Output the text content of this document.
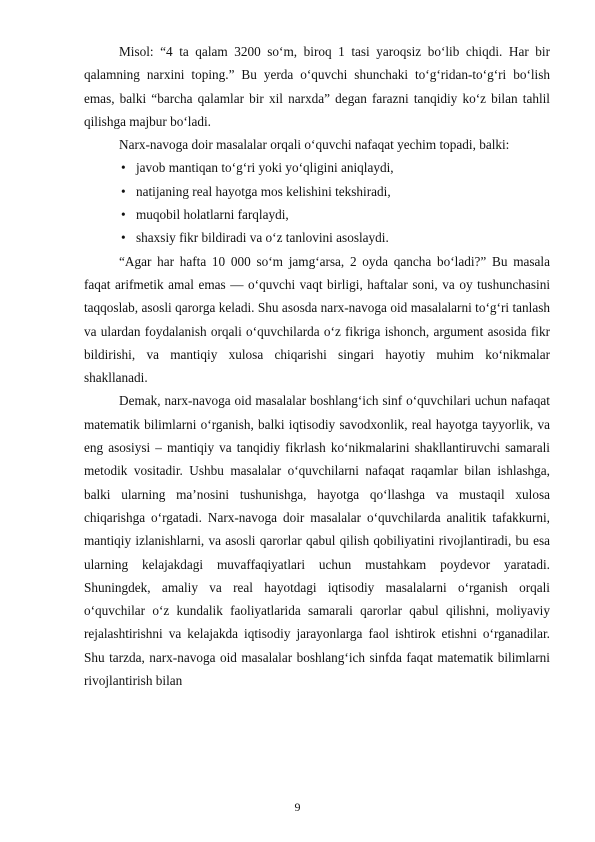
Misol: “4 ta qalam 3200 so‘m, biroq 1 tasi yaroqsiz bo‘lib chiqdi. Har bir qalamning narxini toping.” Bu yerda o‘quvchi shunchaki to‘g‘ridan-to‘g‘ri bo‘lish emas, balki “barcha qalamlar bir xil narxda” degan farazni tanqidiy ko‘z bilan tahlil qilishga majbur bo‘ladi.

Narx-navoga doir masalalar orqali o‘quvchi nafaqat yechim topadi, balki:

• javob mantiqan to‘g‘ri yoki yo‘qligini aniqlaydi,
• natijaning real hayotga mos kelishini tekshiradi,
• muqobil holatlarni farqlaydi,
• shaxsiy fikr bildiradi va o‘z tanlovini asoslaydi.

“Agar har hafta 10 000 so‘m jamg‘arsa, 2 oyda qancha bo‘ladi?” Bu masala faqat arifmetik amal emas — o‘quvchi vaqt birligi, haftalar soni, va oy tushunchasini taqqoslab, asosli qarorga keladi. Shu asosda narx-navoga oid masalalarni to‘g‘ri tanlash va ulardan foydalanish orqali o‘quvchilarda o‘z fikriga ishonch, argument asosida fikr bildirishi, va mantiqiy xulosa chiqarishi singari hayotiy muhim ko‘nikmalar shakllanadi.

Demak, narx-navoga oid masalalar boshlang‘ich sinf o‘quvchilari uchun nafaqat matematik bilimlarni o‘rganish, balki iqtisodiy savodxonlik, real hayotga tayyorlik, va eng asosiysi – mantiqiy va tanqidiy fikrlash ko‘nikmalarini shakllantiruvchi samarali metodik vositadir. Ushbu masalalar o‘quvchilarni nafaqat raqamlar bilan ishlashga, balki ularning ma’nosini tushunishga, hayotga qo‘llashga va mustaqil xulosa chiqarishga o‘rgatadi. Narx-navoga doir masalalar o‘quvchilarda analitik tafakkurni, mantiqiy izlanishlarni, va asosli qarorlar qabul qilish qobiliyatini rivojlantiradi, bu esa ularning kelajakdagi muvaffaqiyatlari uchun mustahkam poydevor yaratadi. Shuningdek, amaliy va real hayotdagi iqtisodiy masalalarni o‘rganish orqali o‘quvchilar o‘z kundalik faoliyatlarida samarali qarorlar qabul qilishni, moliyaviy rejalashtirishni va kelajakda iqtisodiy jarayonlarga faol ishtirok etishni o‘rganadilar. Shu tarzda, narx-navoga oid masalalar boshlang‘ich sinfda faqat matematik bilimlarni rivojlantirish bilan

9
